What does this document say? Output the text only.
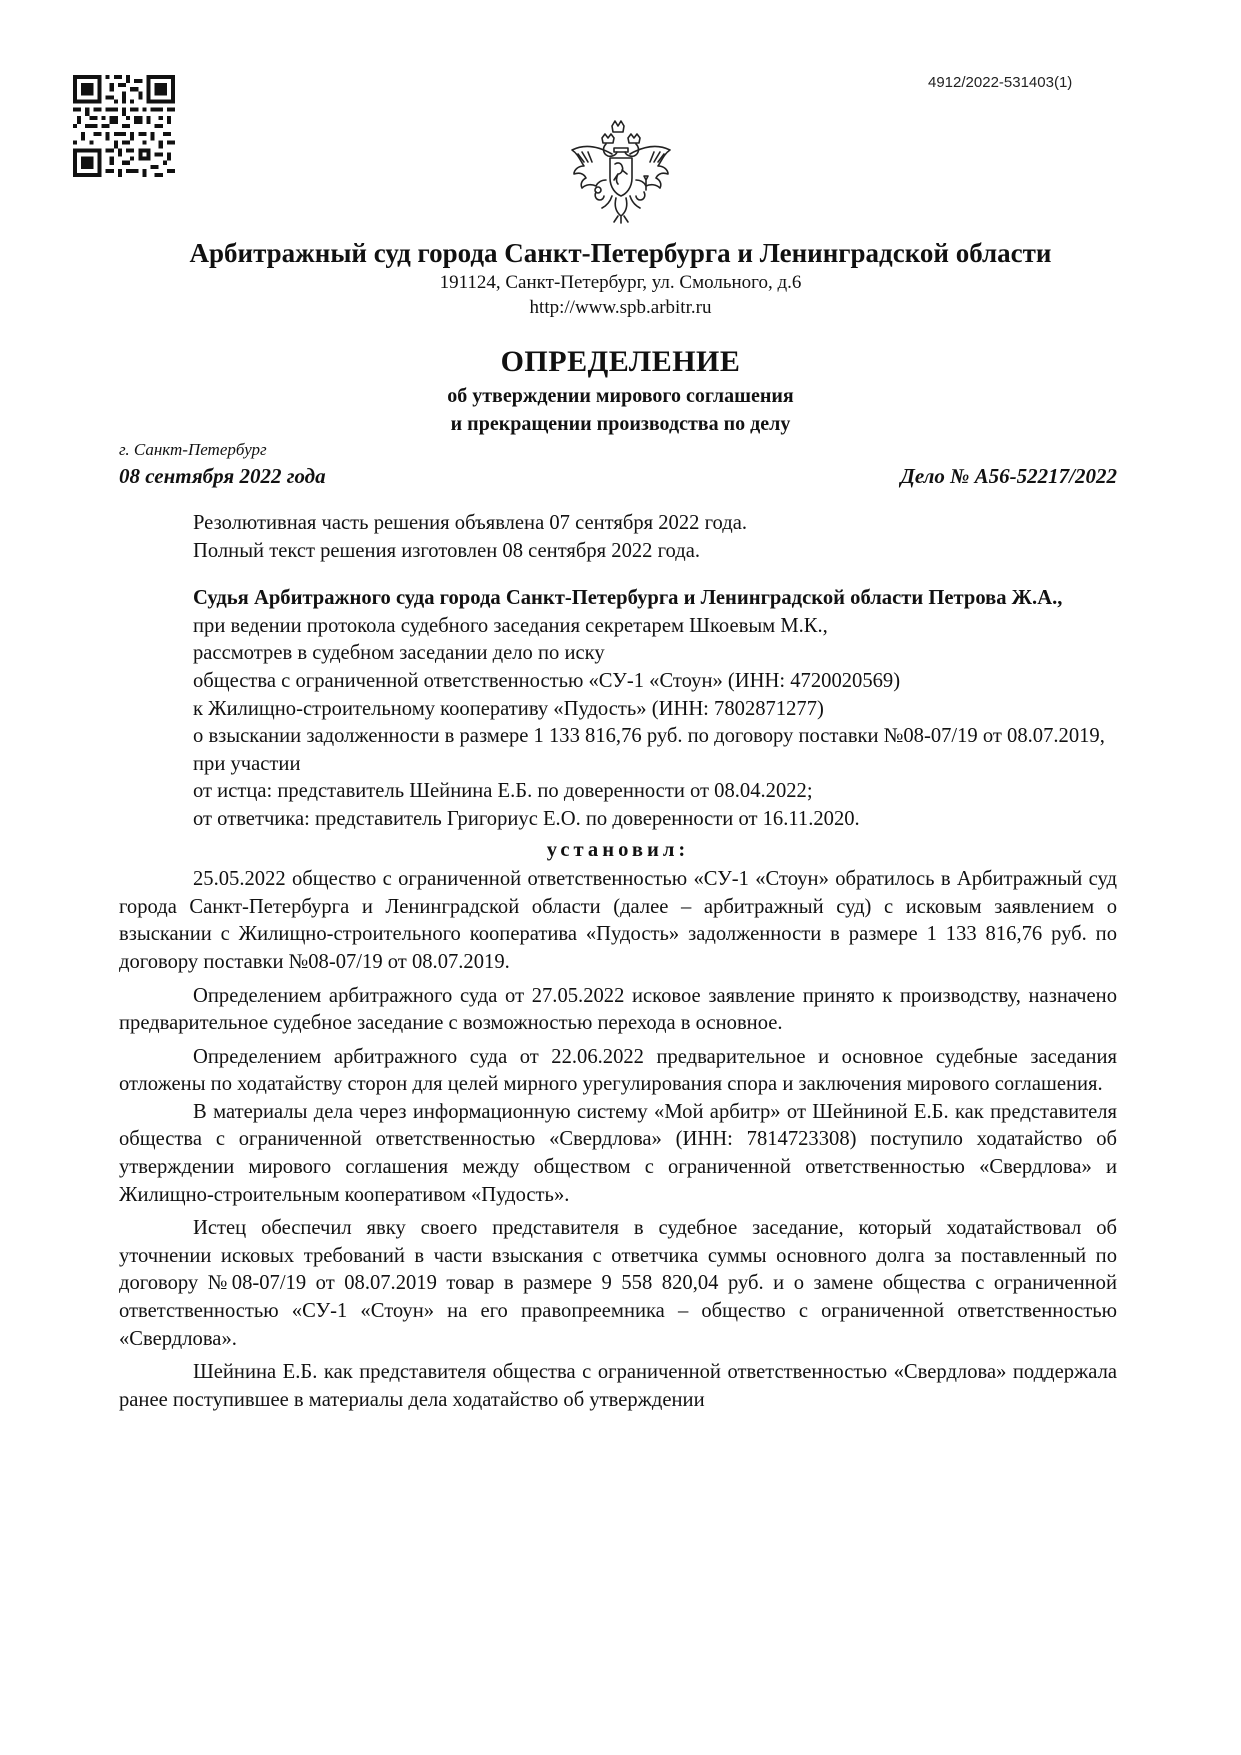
4912/2022-531403(1)
Арбитражный суд города Санкт-Петербурга и Ленинградской области
191124, Санкт-Петербург, ул. Смольного, д.6
http://www.spb.arbitr.ru
ОПРЕДЕЛЕНИЕ
об утверждении мирового соглашения
и прекращении производства по делу
г. Санкт-Петербург
08 сентября 2022 года	Дело № А56-52217/2022

Резолютивная часть решения объявлена 07 сентября 2022 года.

Полный текст решения изготовлен 08 сентября 2022 года.

Судья Арбитражного суда города Санкт-Петербурга и Ленинградской области Петрова Ж.А.,

при ведении протокола судебного заседания секретарем Шкоевым М.К.,

рассмотрев в судебном заседании дело по иску

общества с ограниченной ответственностью «СУ-1 «Стоун» (ИНН: 4720020569)

к Жилищно-строительному кооперативу «Пудость» (ИНН: 7802871277)

о взыскании задолженности в размере 1 133 816,76 руб. по договору поставки №08-07/19 от 08.07.2019,

при участии

от истца: представитель Шейнина Е.Б. по доверенности от 08.04.2022;

от ответчика: представитель Григориус Е.О. по доверенности от 16.11.2020.

установил:

25.05.2022 общество с ограниченной ответственностью «СУ-1 «Стоун» обратилось в Арбитражный суд города Санкт-Петербурга и Ленинградской области (далее – арбитражный суд) с исковым заявлением о взыскании с Жилищно-строительного кооператива «Пудость» задолженности в размере 1 133 816,76 руб. по договору поставки №08-07/19 от 08.07.2019.

Определением арбитражного суда от 27.05.2022 исковое заявление принято к производству, назначено предварительное судебное заседание с возможностью перехода в основное.

Определением арбитражного суда от 22.06.2022 предварительное и основное судебные заседания отложены по ходатайству сторон для целей мирного урегулирования спора и заключения мирового соглашения.

В материалы дела через информационную систему «Мой арбитр» от Шейниной Е.Б. как представителя общества с ограниченной ответственностью «Свердлова» (ИНН: 7814723308) поступило ходатайство об утверждении мирового соглашения между обществом с ограниченной ответственностью «Свердлова» и Жилищно-строительным кооперативом «Пудость».

Истец обеспечил явку своего представителя в судебное заседание, который ходатайствовал об уточнении исковых требований в части взыскания с ответчика суммы основного долга за поставленный по договору №08-07/19 от 08.07.2019 товар в размере 9 558 820,04 руб. и о замене общества с ограниченной ответственностью «СУ-1 «Стоун» на его правопреемника – общество с ограниченной ответственностью «Свердлова».

Шейнина Е.Б. как представителя общества с ограниченной ответственностью «Свердлова» поддержала ранее поступившее в материалы дела ходатайство об утверждении
